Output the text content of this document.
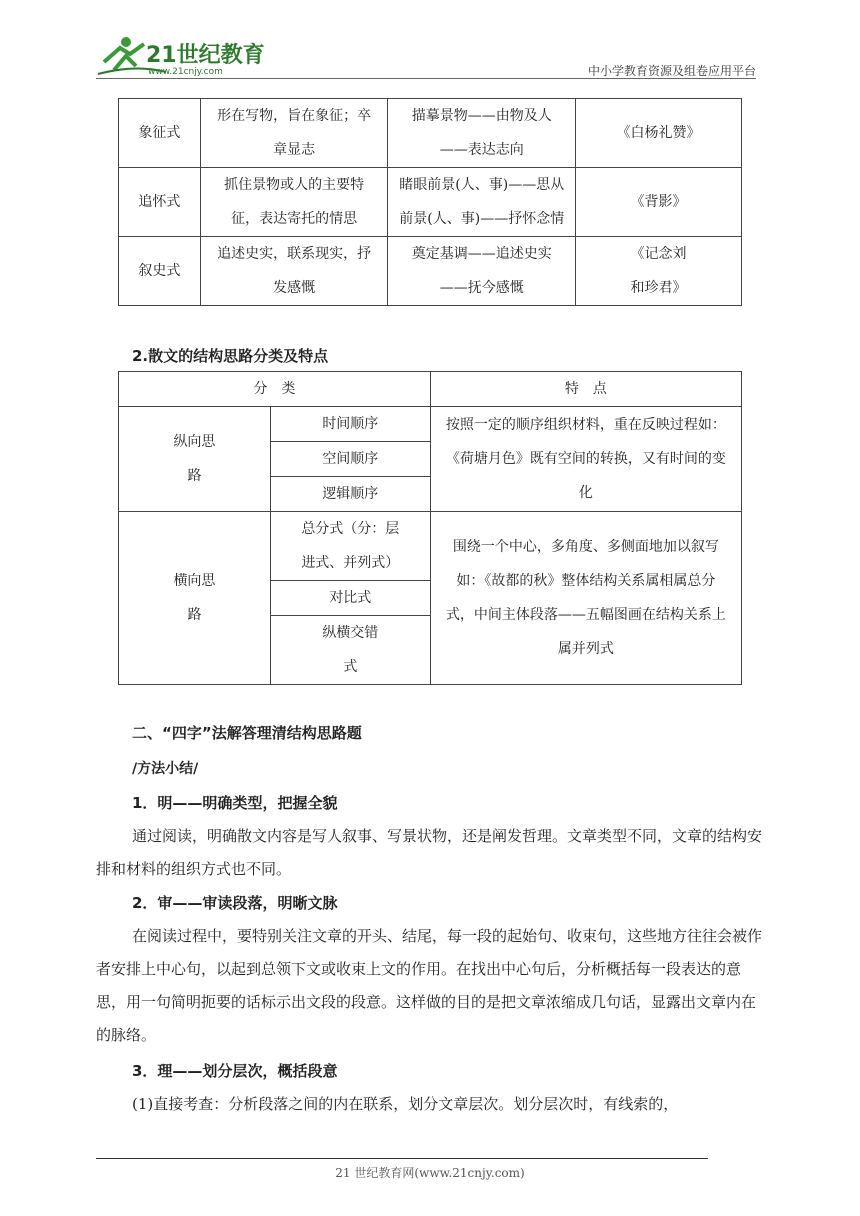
21世纪教育
www.21cnjy.com	中小学教育资源及组卷应用平台
象征式	形在写物，旨在象征；卒章显志	描摹景物——由物及人——表达志向	《白杨礼赞》
追怀式	抓住景物或人的主要特征，表达寄托的情思	睹眼前景(人、事)——思从前景(人、事)——抒怀念情	《背影》
叙史式	追述史实，联系现实，抒发感慨	奠定基调——追述史实——抚今感慨	《记念刘和珍君》
2.散文的结构思路分类及特点
分　类		特　点
纵向思路	时间顺序	按照一定的顺序组织材料，重在反映过程如：《荷塘月色》既有空间的转换，又有时间的变化
	空间顺序	
	逻辑顺序	
横向思路	总分式（分：层进式、并列式）	围绕一个中心，多角度、多侧面地加以叙写如：《故都的秋》整体结构关系属相属总分式，中间主体段落——五幅图画在结构关系上属并列式
	对比式	
	纵横交错式	
二、“四字”法解答理清结构思路题
/方法小结/
1．明——明确类型，把握全貌
通过阅读，明确散文内容是写人叙事、写景状物，还是阐发哲理。文章类型不同，文章的结构安排和材料的组织方式也不同。
2．审——审读段落，明晰文脉
在阅读过程中，要特别关注文章的开头、结尾，每一段的起始句、收束句，这些地方往往会被作者安排上中心句，以起到总领下文或收束上文的作用。在找出中心句后，分析概括每一段表达的意思，用一句简明扼要的话标示出文段的段意。这样做的目的是把文章浓缩成几句话，显露出文章内在的脉络。
3．理——划分层次，概括段意
(1)直接考查：分析段落之间的内在联系，划分文章层次。划分层次时，有线索的，
21 世纪教育网(www.21cnjy.com)
